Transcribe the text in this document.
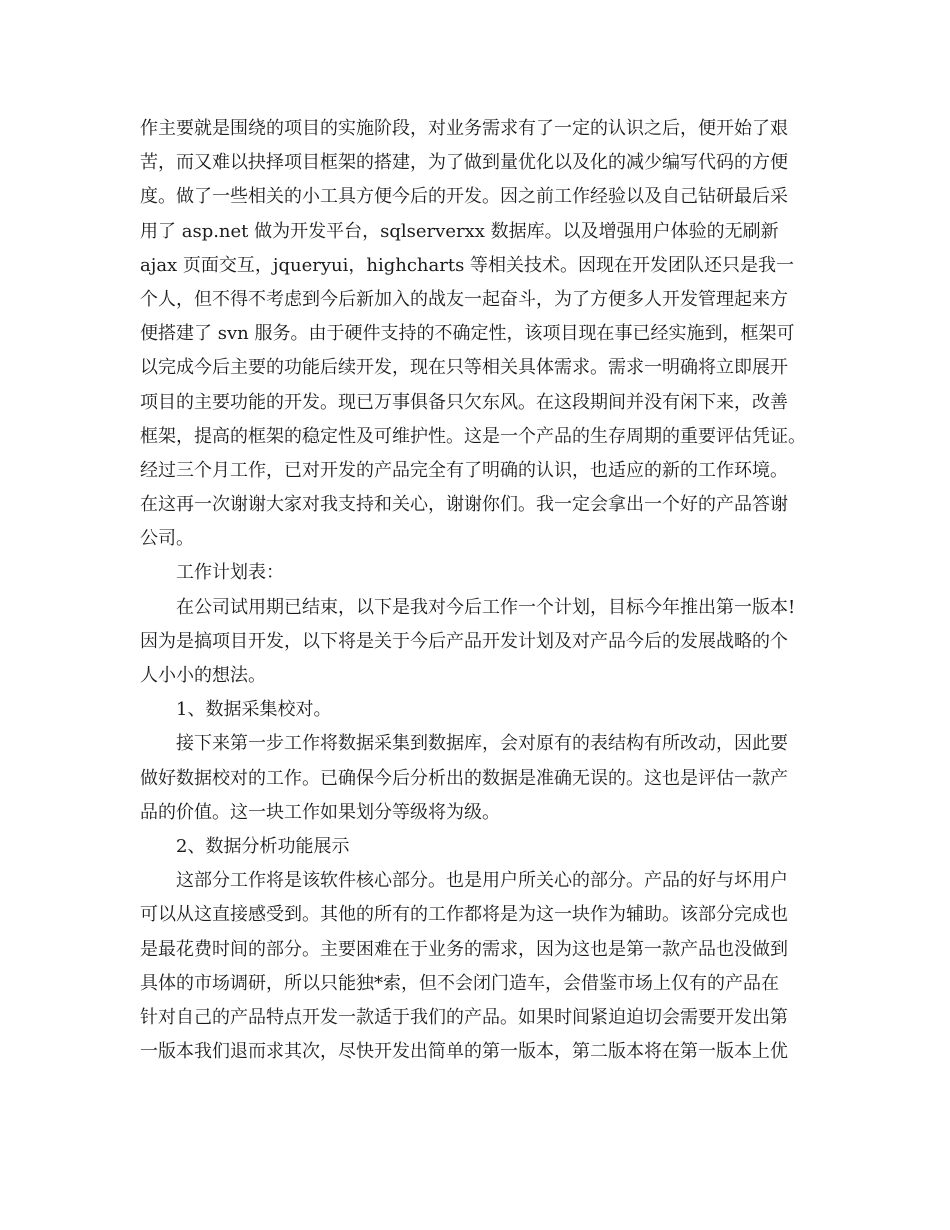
作主要就是围绕的项目的实施阶段，对业务需求有了一定的认识之后，便开始了艰
苦，而又难以抉择项目框架的搭建，为了做到量优化以及化的减少编写代码的方便
度。做了一些相关的小工具方便今后的开发。因之前工作经验以及自己钻研最后采
用了 asp.net 做为开发平台，sqlserverxx 数据库。以及增强用户体验的无刷新
ajax 页面交互，jqueryui，highcharts 等相关技术。因现在开发团队还只是我一
个人，但不得不考虑到今后新加入的战友一起奋斗，为了方便多人开发管理起来方
便搭建了 svn 服务。由于硬件支持的不确定性，该项目现在事已经实施到，框架可
以完成今后主要的功能后续开发，现在只等相关具体需求。需求一明确将立即展开
项目的主要功能的开发。现已万事俱备只欠东风。在这段期间并没有闲下来，改善
框架，提高的框架的稳定性及可维护性。这是一个产品的生存周期的重要评估凭证。
经过三个月工作，已对开发的产品完全有了明确的认识，也适应的新的工作环境。
在这再一次谢谢大家对我支持和关心，谢谢你们。我一定会拿出一个好的产品答谢
公司。
工作计划表：
在公司试用期已结束，以下是我对今后工作一个计划，目标今年推出第一版本!
因为是搞项目开发，以下将是关于今后产品开发计划及对产品今后的发展战略的个
人小小的想法。
1、数据采集校对。
接下来第一步工作将数据采集到数据库，会对原有的表结构有所改动，因此要
做好数据校对的工作。已确保今后分析出的数据是准确无误的。这也是评估一款产
品的价值。这一块工作如果划分等级将为级。
2、数据分析功能展示
这部分工作将是该软件核心部分。也是用户所关心的部分。产品的好与坏用户
可以从这直接感受到。其他的所有的工作都将是为这一块作为辅助。该部分完成也
是最花费时间的部分。主要困难在于业务的需求，因为这也是第一款产品也没做到
具体的市场调研，所以只能独*索，但不会闭门造车，会借鉴市场上仅有的产品在
针对自己的产品特点开发一款适于我们的产品。如果时间紧迫迫切会需要开发出第
一版本我们退而求其次，尽快开发出简单的第一版本，第二版本将在第一版本上优
